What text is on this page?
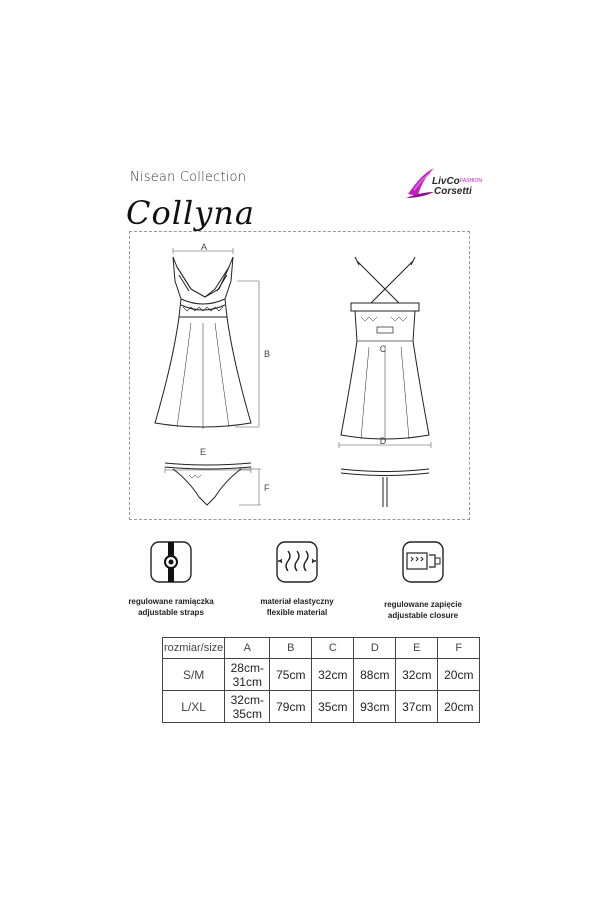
Nisean Collection
Collyna
LivCo FASHION
Corsetti
A
B
E
F
C
D
regulowane ramiączka
adjustable straps
materiał elastyczny
flexible material
regulowane zapięcie
adjustable closure
rozmiar/size	A	B	C	D	E	F
S/M	28cm-31cm	75cm	32cm	88cm	32cm	20cm
L/XL	32cm-35cm	79cm	35cm	93cm	37cm	20cm
